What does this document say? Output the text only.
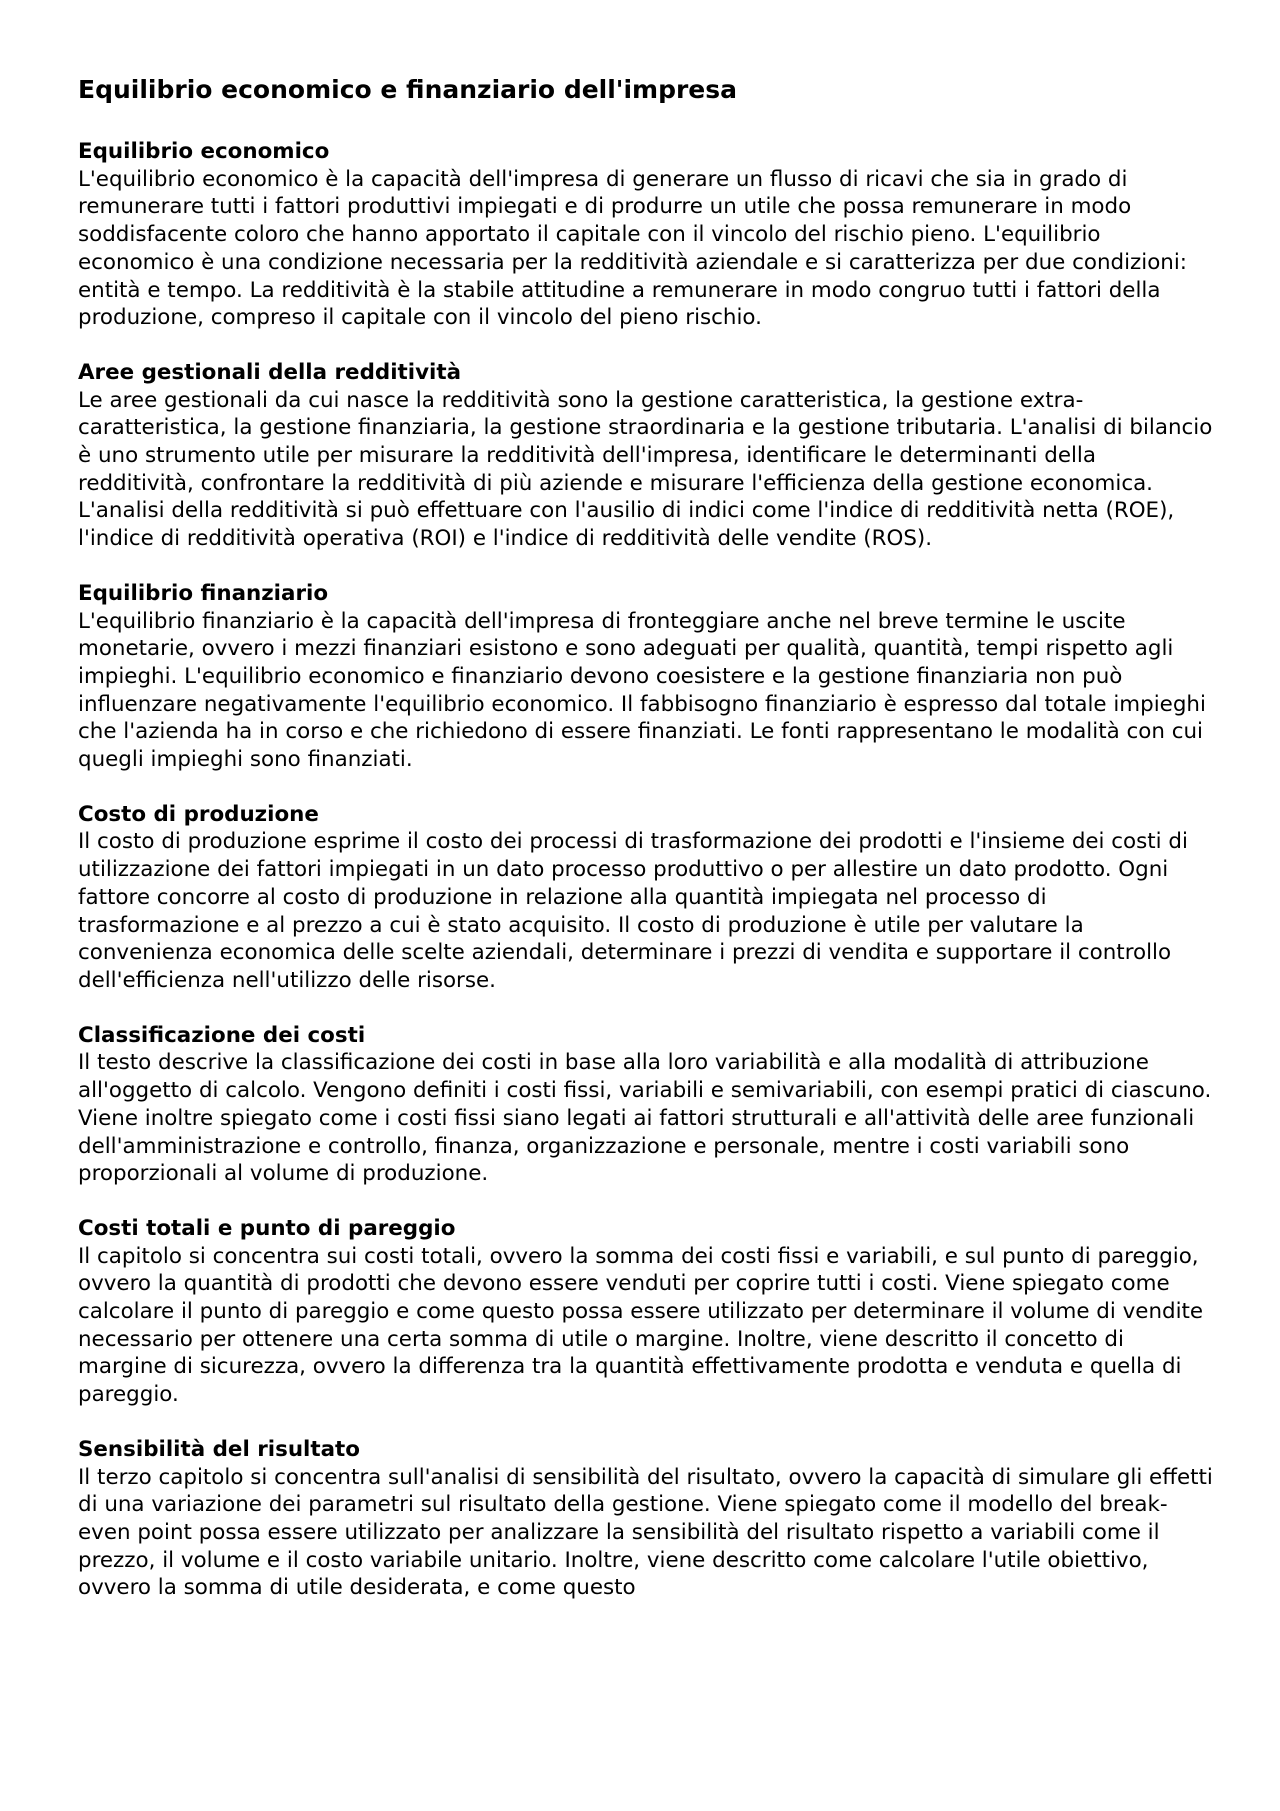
Equilibrio economico e finanziario dell'impresa

Equilibrio economico

L'equilibrio economico è la capacità dell'impresa di generare un flusso di ricavi che sia in grado di remunerare tutti i fattori produttivi impiegati e di produrre un utile che possa remunerare in modo soddisfacente coloro che hanno apportato il capitale con il vincolo del rischio pieno. L'equilibrio economico è una condizione necessaria per la redditività aziendale e si caratterizza per due condizioni: entità e tempo. La redditività è la stabile attitudine a remunerare in modo congruo tutti i fattori della produzione, compreso il capitale con il vincolo del pieno rischio.

Aree gestionali della redditività

Le aree gestionali da cui nasce la redditività sono la gestione caratteristica, la gestione extra-caratteristica, la gestione finanziaria, la gestione straordinaria e la gestione tributaria. L'analisi di bilancio è uno strumento utile per misurare la redditività dell'impresa, identificare le determinanti della redditività, confrontare la redditività di più aziende e misurare l'efficienza della gestione economica. L'analisi della redditività si può effettuare con l'ausilio di indici come l'indice di redditività netta (ROE), l'indice di redditività operativa (ROI) e l'indice di redditività delle vendite (ROS).

Equilibrio finanziario

L'equilibrio finanziario è la capacità dell'impresa di fronteggiare anche nel breve termine le uscite monetarie, ovvero i mezzi finanziari esistono e sono adeguati per qualità, quantità, tempi rispetto agli impieghi. L'equilibrio economico e finanziario devono coesistere e la gestione finanziaria non può influenzare negativamente l'equilibrio economico. Il fabbisogno finanziario è espresso dal totale impieghi che l'azienda ha in corso e che richiedono di essere finanziati. Le fonti rappresentano le modalità con cui quegli impieghi sono finanziati.

Costo di produzione

Il costo di produzione esprime il costo dei processi di trasformazione dei prodotti e l'insieme dei costi di utilizzazione dei fattori impiegati in un dato processo produttivo o per allestire un dato prodotto. Ogni fattore concorre al costo di produzione in relazione alla quantità impiegata nel processo di trasformazione e al prezzo a cui è stato acquisito. Il costo di produzione è utile per valutare la convenienza economica delle scelte aziendali, determinare i prezzi di vendita e supportare il controllo dell'efficienza nell'utilizzo delle risorse.

Classificazione dei costi

Il testo descrive la classificazione dei costi in base alla loro variabilità e alla modalità di attribuzione all'oggetto di calcolo. Vengono definiti i costi fissi, variabili e semivariabili, con esempi pratici di ciascuno. Viene inoltre spiegato come i costi fissi siano legati ai fattori strutturali e all'attività delle aree funzionali dell'amministrazione e controllo, finanza, organizzazione e personale, mentre i costi variabili sono proporzionali al volume di produzione.

Costi totali e punto di pareggio

Il capitolo si concentra sui costi totali, ovvero la somma dei costi fissi e variabili, e sul punto di pareggio, ovvero la quantità di prodotti che devono essere venduti per coprire tutti i costi. Viene spiegato come calcolare il punto di pareggio e come questo possa essere utilizzato per determinare il volume di vendite necessario per ottenere una certa somma di utile o margine. Inoltre, viene descritto il concetto di margine di sicurezza, ovvero la differenza tra la quantità effettivamente prodotta e venduta e quella di pareggio.

Sensibilità del risultato

Il terzo capitolo si concentra sull'analisi di sensibilità del risultato, ovvero la capacità di simulare gli effetti di una variazione dei parametri sul risultato della gestione. Viene spiegato come il modello del break-even point possa essere utilizzato per analizzare la sensibilità del risultato rispetto a variabili come il prezzo, il volume e il costo variabile unitario. Inoltre, viene descritto come calcolare l'utile obiettivo, ovvero la somma di utile desiderata, e come questo
